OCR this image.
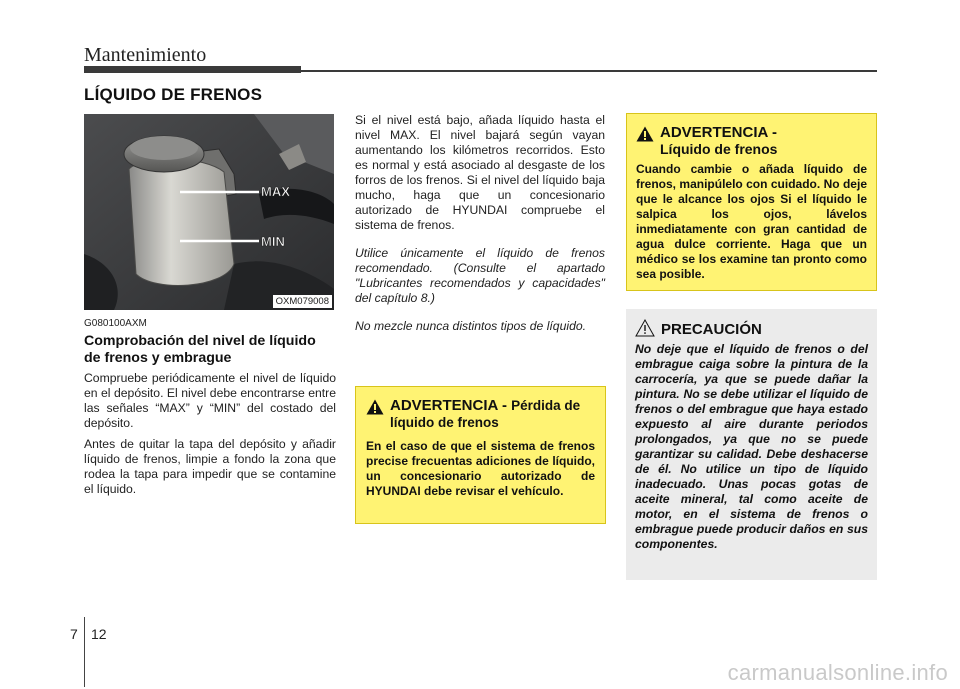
Mantenimiento
LÍQUIDO DE FRENOS
MAX
MIN
OXM079008
G080100AXM
Comprobación del nivel de líquido de frenos y embrague

Compruebe periódicamente el nivel de líquido en el depósito. El nivel debe encontrarse entre las señales “MAX” y “MIN” del costado del depósito.

Antes de quitar la tapa del depósito y añadir líquido de frenos, limpie a fondo la zona que rodea la tapa para impedir que se contamine el líquido.

Si el nivel está bajo, añada líquido hasta el nivel MAX. El nivel bajará según vayan aumentando los kilómetros recorridos. Esto es normal y está asociado al desgaste de los forros de los frenos. Si el nivel del líquido baja mucho, haga que un concesionario autorizado de HYUNDAI compruebe el sistema de frenos.

Utilice únicamente el líquido de frenos recomendado. (Consulte el apartado "Lubricantes recomendados y capacidades" del capítulo 8.)

No mezcle nunca distintos tipos de líquido.

ADVERTENCIA - Pérdida de líquido de frenos
En el caso de que el sistema de frenos precise frecuentas adiciones de líquido, un concesionario autorizado de HYUNDAI debe revisar el vehículo.
ADVERTENCIA -
Líquido de frenos
Cuando cambie o añada líquido de frenos, manipúlelo con cuidado. No deje que le alcance los ojos Si el líquido le salpica los ojos, lávelos inmediatamente con gran cantidad de agua dulce corriente. Haga que un médico se los examine tan pronto como sea posible.
PRECAUCIÓN
No deje que el líquido de frenos o del embrague caiga sobre la pintura de la carrocería, ya que se puede dañar la pintura. No se debe utilizar el líquido de frenos o del embrague que haya estado expuesto al aire durante periodos prolongados, ya que no se puede garantizar su calidad. Debe deshacerse de él. No utilice un tipo de líquido inadecuado. Unas pocas gotas de aceite mineral, tal como aceite de motor, en el sistema de frenos o embrague puede producir daños en sus componentes.
7 12
carmanualsonline.info
